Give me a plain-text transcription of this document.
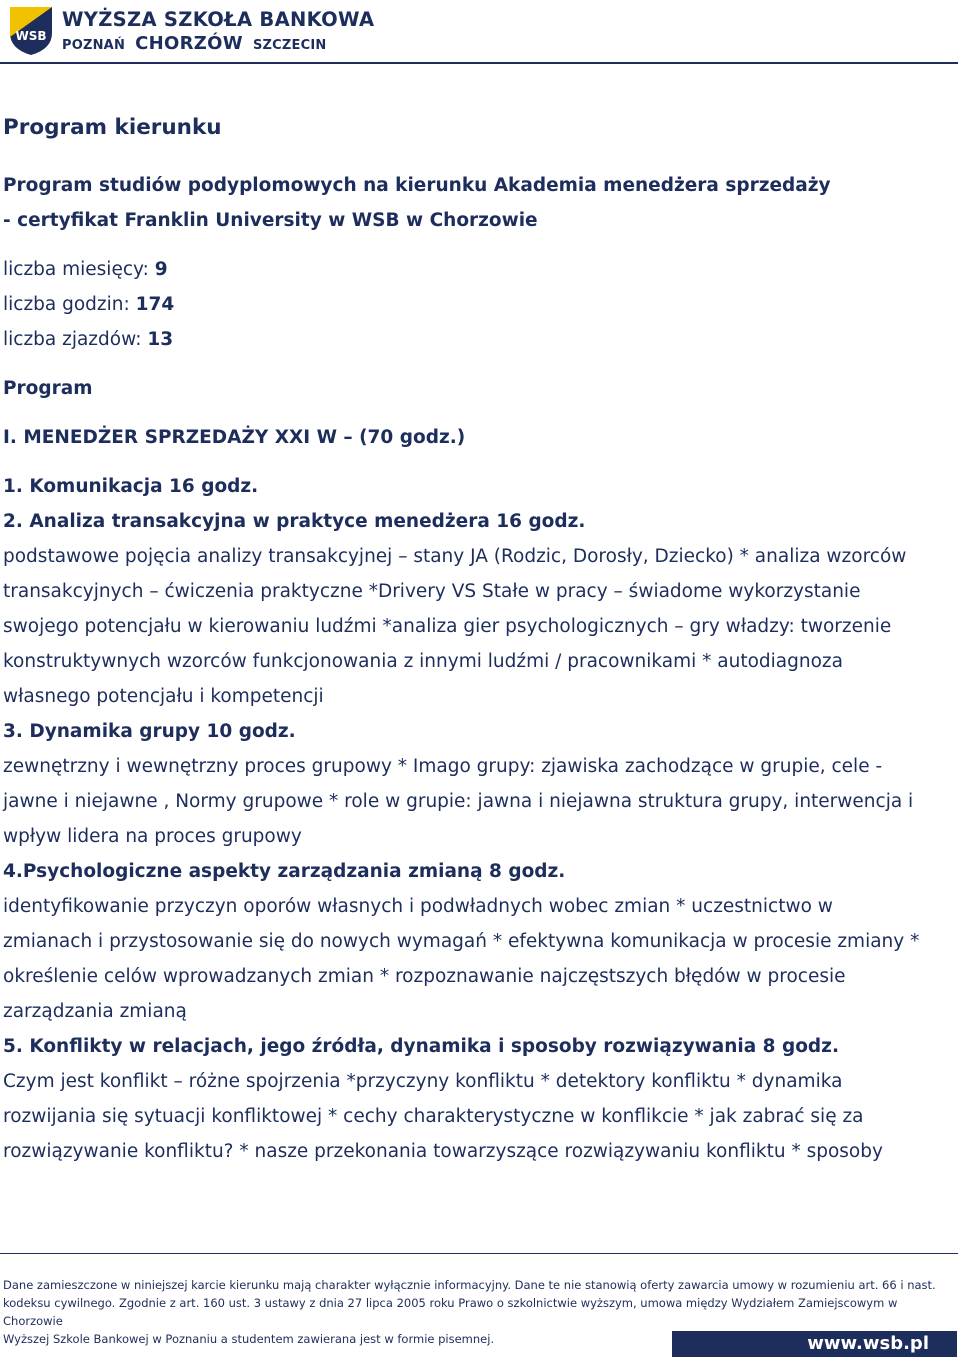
WSB
WYŻSZA SZKOŁA BANKOWA
POZNAŃ CHORZÓW SZCZECIN
Program kierunku
Program studiów podyplomowych na kierunku Akademia menedżera sprzedaży
- certyfikat Franklin University w WSB w Chorzowie
liczba miesięcy: 9
liczba godzin: 174
liczba zjazdów: 13
Program
I. MENEDŻER SPRZEDAŻY XXI W – (70 godz.)
1. Komunikacja 16 godz.
2. Analiza transakcyjna w praktyce menedżera 16 godz.
podstawowe pojęcia analizy transakcyjnej – stany JA (Rodzic, Dorosły, Dziecko) * analiza wzorców
transakcyjnych – ćwiczenia praktyczne *Drivery VS Stałe w pracy – świadome wykorzystanie
swojego potencjału w kierowaniu ludźmi *analiza gier psychologicznych – gry władzy: tworzenie
konstruktywnych wzorców funkcjonowania z innymi ludźmi / pracownikami * autodiagnoza
własnego potencjału i kompetencji
3. Dynamika grupy 10 godz.
zewnętrzny i wewnętrzny proces grupowy * Imago grupy: zjawiska zachodzące w grupie, cele -
jawne i niejawne , Normy grupowe * role w grupie: jawna i niejawna struktura grupy, interwencja i
wpływ lidera na proces grupowy
4.Psychologiczne aspekty zarządzania zmianą 8 godz.
identyfikowanie przyczyn oporów własnych i podwładnych wobec zmian * uczestnictwo w
zmianach i przystosowanie się do nowych wymagań * efektywna komunikacja w procesie zmiany *
określenie celów wprowadzanych zmian * rozpoznawanie najczęstszych błędów w procesie
zarządzania zmianą
5. Konflikty w relacjach, jego źródła, dynamika i sposoby rozwiązywania 8 godz.
Czym jest konflikt – różne spojrzenia *przyczyny konfliktu * detektory konfliktu * dynamika
rozwijania się sytuacji konfliktowej * cechy charakterystyczne w konflikcie * jak zabrać się za
rozwiązywanie konfliktu? * nasze przekonania towarzyszące rozwiązywaniu konfliktu * sposoby
Dane zamieszczone w niniejszej karcie kierunku mają charakter wyłącznie informacyjny. Dane te nie stanowią oferty zawarcia umowy w rozumieniu art. 66 i nast.
kodeksu cywilnego. Zgodnie z art. 160 ust. 3 ustawy z dnia 27 lipca 2005 roku Prawo o szkolnictwie wyższym, umowa między Wydziałem Zamiejscowym w Chorzowie
Wyższej Szkole Bankowej w Poznaniu a studentem zawierana jest w formie pisemnej.	www.wsb.pl
